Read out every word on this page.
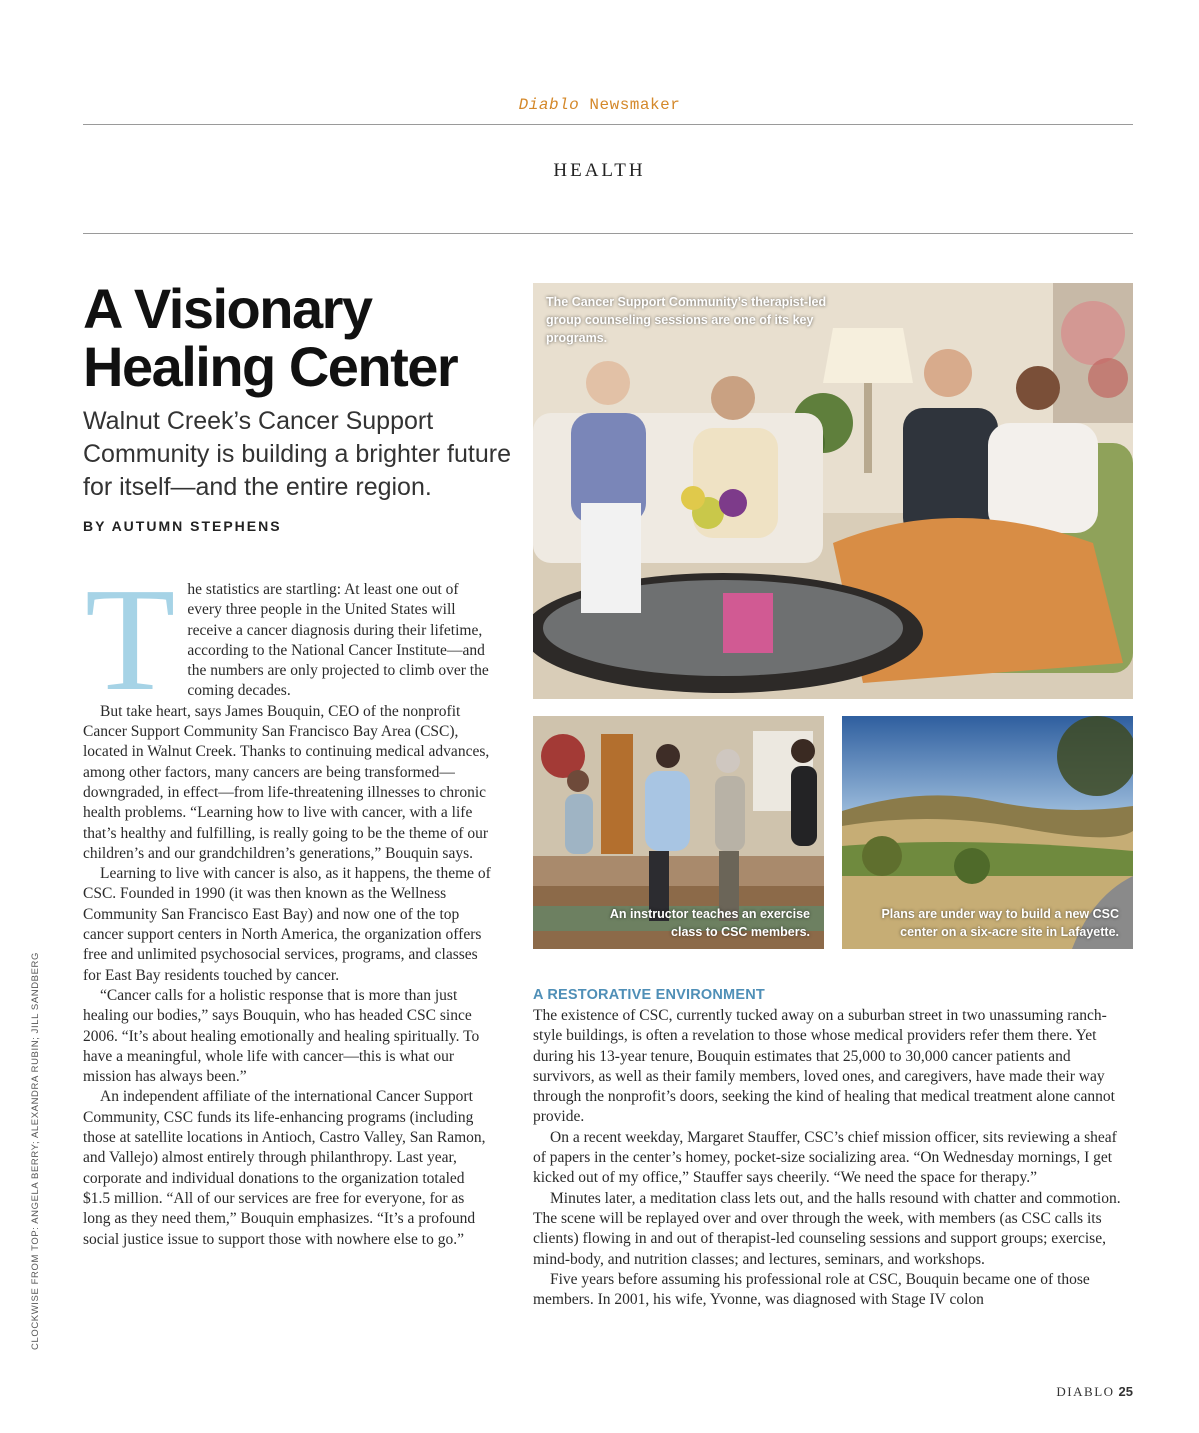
Diablo Newsmaker
HEALTH
A Visionary
Healing Center

Walnut Creek’s Cancer Support Community is building a brighter future for itself—and the entire region.

BY AUTUMN STEPHENS
T he statistics are startling: At least one out of every three people in the United States will receive a cancer diagnosis during their lifetime, according to the National Cancer Institute—and the numbers are only projected to climb over the coming decades.

But take heart, says James Bouquin, CEO of the nonprofit Cancer Support Community San Francisco Bay Area (CSC), located in Walnut Creek. Thanks to continuing medical advances, among other factors, many cancers are being transformed—downgraded, in effect—from life-threatening illnesses to chronic health problems. “Learning how to live with cancer, with a life that’s healthy and fulfilling, is really going to be the theme of our children’s and our grandchildren’s generations,” Bouquin says.

Learning to live with cancer is also, as it happens, the theme of CSC. Founded in 1990 (it was then known as the Wellness Community San Francisco East Bay) and now one of the top cancer support centers in North America, the organization offers free and unlimited psychosocial services, programs, and classes for East Bay residents touched by cancer.

“Cancer calls for a holistic response that is more than just healing our bodies,” says Bouquin, who has headed CSC since 2006. “It’s about healing emotionally and healing spiritually. To have a meaningful, whole life with cancer—this is what our mission has always been.”

An independent affiliate of the international Cancer Support Community, CSC funds its life-enhancing programs (including those at satellite locations in Antioch, Castro Valley, San Ramon, and Vallejo) almost entirely through philanthropy. Last year, corporate and individual donations to the organization totaled $1.5 million. “All of our services are free for everyone, for as long as they need them,” Bouquin emphasizes. “It’s a profound social justice issue to support those with nowhere else to go.”

The Cancer Support Community’s therapist-led group counseling sessions are one of its key programs.
An instructor teaches an exercise class to CSC members.
Plans are under way to build a new CSC center on a six-acre site in Lafayette.
A RESTORATIVE ENVIRONMENT

The existence of CSC, currently tucked away on a suburban street in two unassuming ranch-style buildings, is often a revelation to those whose medical providers refer them there. Yet during his 13-year tenure, Bouquin estimates that 25,000 to 30,000 cancer patients and survivors, as well as their family members, loved ones, and caregivers, have made their way through the nonprofit’s doors, seeking the kind of healing that medical treatment alone cannot provide.

On a recent weekday, Margaret Stauffer, CSC’s chief mission officer, sits reviewing a sheaf of papers in the center’s homey, pocket-size socializing area. “On Wednesday mornings, I get kicked out of my office,” Stauffer says cheerily. “We need the space for therapy.”

Minutes later, a meditation class lets out, and the halls resound with chatter and commotion. The scene will be replayed over and over through the week, with members (as CSC calls its clients) flowing in and out of therapist-led counseling sessions and support groups; exercise, mind-body, and nutrition classes; and lectures, seminars, and workshops.

Five years before assuming his professional role at CSC, Bouquin became one of those members. In 2001, his wife, Yvonne, was diagnosed with Stage IV colon

CLOCKWISE FROM TOP: ANGELA BERRY; ALEXANDRA RUBIN; JILL SANDBERG
DIABLO 25
